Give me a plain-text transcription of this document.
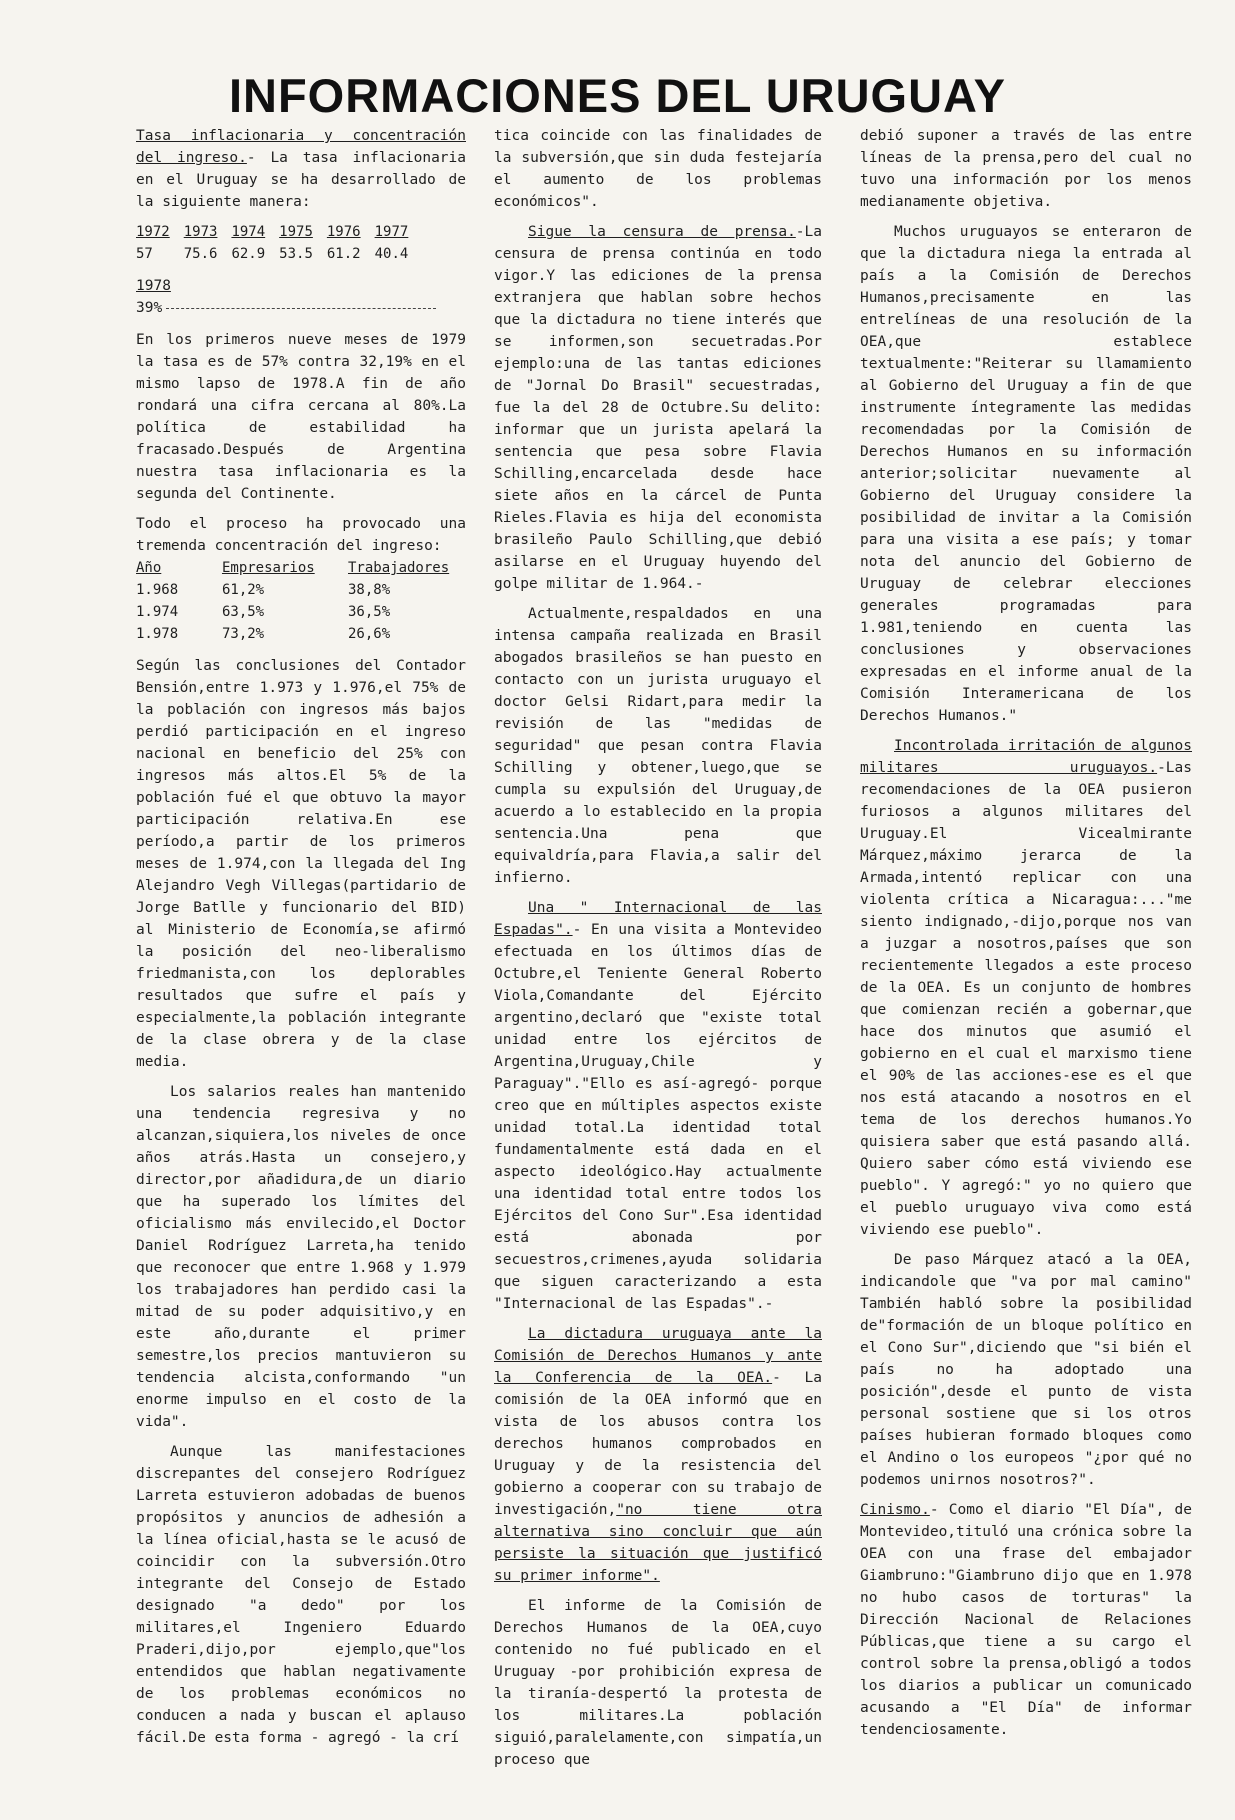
INFORMACIONES DEL URUGUAY

Tasa inflacionaria y concentración del ingreso.- La tasa inflacionaria en el Uruguay se ha desarrollado de la siguiente manera:

1972	1973	1974	1975	1976	1977
57	75.6	62.9	53.5	61.2	40.4
1978
39%

En los primeros nueve meses de 1979 la tasa es de 57% contra 32,19% en el mismo lapso de 1978.A fin de año rondará una cifra cercana al 80%.La política de estabilidad ha fracasado.Después de Argentina nuestra tasa inflacionaria es la segunda del Continente.

Todo el proceso ha provocado una tremenda concentración del ingreso:

Año	Empresarios	Trabajadores
1.968	61,2%	38,8%
1.974	63,5%	36,5%
1.978	73,2%	26,6%

Según las conclusiones del Contador Bensión,entre 1.973 y 1.976,el 75% de la población con ingresos más bajos perdió participación en el ingreso nacional en beneficio del 25% con ingresos más altos.El 5% de la población fué el que obtuvo la mayor participación relativa.En ese período,a partir de los primeros meses de 1.974,con la llegada del Ing Alejandro Vegh Villegas(partidario de Jorge Batlle y funcionario del BID) al Ministerio de Economía,se afirmó la posición del neo-liberalismo friedmanista,con los deplorables resultados que sufre el país y especialmente,la población integrante de la clase obrera y de la clase media.

Los salarios reales han mantenido una tendencia regresiva y no alcanzan,siquiera,los niveles de once años atrás.Hasta un consejero,y director,por añadidura,de un diario que ha superado los límites del oficialismo más envilecido,el Doctor Daniel Rodríguez Larreta,ha tenido que reconocer que entre 1.968 y 1.979 los trabajadores han perdido casi la mitad de su poder adquisitivo,y en este año,durante el primer semestre,los precios mantuvieron su tendencia alcista,conformando "un enorme impulso en el costo de la vida".

Aunque las manifestaciones discrepantes del consejero Rodríguez Larreta estuvieron adobadas de buenos propósitos y anuncios de adhesión a la línea oficial,hasta se le acusó de coincidir con la subversión.Otro integrante del Consejo de Estado designado "a dedo" por los militares,el Ingeniero Eduardo Praderi,dijo,por ejemplo,que"los entendidos que hablan negativamente de los problemas económicos no conducen a nada y buscan el aplauso fácil.De esta forma - agregó - la crí

tica coincide con las finalidades de la subversión,que sin duda festejaría el aumento de los problemas económicos".

Sigue la censura de prensa.-La censura de prensa continúa en todo vigor.Y las ediciones de la prensa extranjera que hablan sobre hechos que la dictadura no tiene interés que se informen,son secuetradas.Por ejemplo:una de las tantas ediciones de "Jornal Do Brasil" secuestradas, fue la del 28 de Octubre.Su delito: informar que un jurista apelará la sentencia que pesa sobre Flavia Schilling,encarcelada desde hace siete años en la cárcel de Punta Rieles.Flavia es hija del economista brasileño Paulo Schilling,que debió asilarse en el Uruguay huyendo del golpe militar de 1.964.-

Actualmente,respaldados en una intensa campaña realizada en Brasil abogados brasileños se han puesto en contacto con un jurista uruguayo el doctor Gelsi Ridart,para medir la revisión de las "medidas de seguridad" que pesan contra Flavia Schilling y obtener,luego,que se cumpla su expulsión del Uruguay,de acuerdo a lo establecido en la propia sentencia.Una pena que equivaldría,para Flavia,a salir del infierno.

Una " Internacional de las Espadas".- En una visita a Montevideo efectuada en los últimos días de Octubre,el Teniente General Roberto Viola,Comandante del Ejército argentino,declaró que "existe total unidad entre los ejércitos de Argentina,Uruguay,Chile y Paraguay"."Ello es así-agregó- porque creo que en múltiples aspectos existe unidad total.La identidad total fundamentalmente está dada en el aspecto ideológico.Hay actualmente una identidad total entre todos los Ejércitos del Cono Sur".Esa identidad está abonada por secuestros,crimenes,ayuda solidaria que siguen caracterizando a esta "Internacional de las Espadas".-

La dictadura uruguaya ante la Comisión de Derechos Humanos y ante la Conferencia de la OEA.- La comisión de la OEA informó que en vista de los abusos contra los derechos humanos comprobados en Uruguay y de la resistencia del gobierno a cooperar con su trabajo de investigación,"no tiene otra alternativa sino concluir que aún persiste la situación que justificó su primer informe".

El informe de la Comisión de Derechos Humanos de la OEA,cuyo contenido no fué publicado en el Uruguay -por prohibición expresa de la tiranía-despertó la protesta de los militares.La población siguió,paralelamente,con simpatía,un proceso que

debió suponer a través de las entre líneas de la prensa,pero del cual no tuvo una información por los menos medianamente objetiva.

Muchos uruguayos se enteraron de que la dictadura niega la entrada al país a la Comisión de Derechos Humanos,precisamente en las entrelíneas de una resolución de la OEA,que establece textualmente:"Reiterar su llamamiento al Gobierno del Uruguay a fin de que instrumente íntegramente las medidas recomendadas por la Comisión de Derechos Humanos en su información anterior;solicitar nuevamente al Gobierno del Uruguay considere la posibilidad de invitar a la Comisión para una visita a ese país; y tomar nota del anuncio del Gobierno de Uruguay de celebrar elecciones generales programadas para 1.981,teniendo en cuenta las conclusiones y observaciones expresadas en el informe anual de la Comisión Interamericana de los Derechos Humanos."

Incontrolada irritación de algunos militares uruguayos.-Las recomendaciones de la OEA pusieron furiosos a algunos militares del Uruguay.El Vicealmirante Márquez,máximo jerarca de la Armada,intentó replicar con una violenta crítica a Nicaragua:..."me siento indignado,-dijo,porque nos van a juzgar a nosotros,países que son recientemente llegados a este proceso de la OEA. Es un conjunto de hombres que comienzan recién a gobernar,que hace dos minutos que asumió el gobierno en el cual el marxismo tiene el 90% de las acciones-ese es el que nos está atacando a nosotros en el tema de los derechos humanos.Yo quisiera saber que está pasando allá. Quiero saber cómo está viviendo ese pueblo". Y agregó:" yo no quiero que el pueblo uruguayo viva como está viviendo ese pueblo".

De paso Márquez atacó a la OEA, indicandole que "va por mal camino" También habló sobre la posibilidad de"formación de un bloque político en el Cono Sur",diciendo que "si bién el país no ha adoptado una posición",desde el punto de vista personal sostiene que si los otros países hubieran formado bloques como el Andino o los europeos "¿por qué no podemos unirnos nosotros?".

Cinismo.- Como el diario "El Día", de Montevideo,tituló una crónica sobre la OEA con una frase del embajador Giambruno:"Giambruno dijo que en 1.978 no hubo casos de torturas" la Dirección Nacional de Relaciones Públicas,que tiene a su cargo el control sobre la prensa,obligó a todos los diarios a publicar un comunicado acusando a "El Día" de informar tendenciosamente.
